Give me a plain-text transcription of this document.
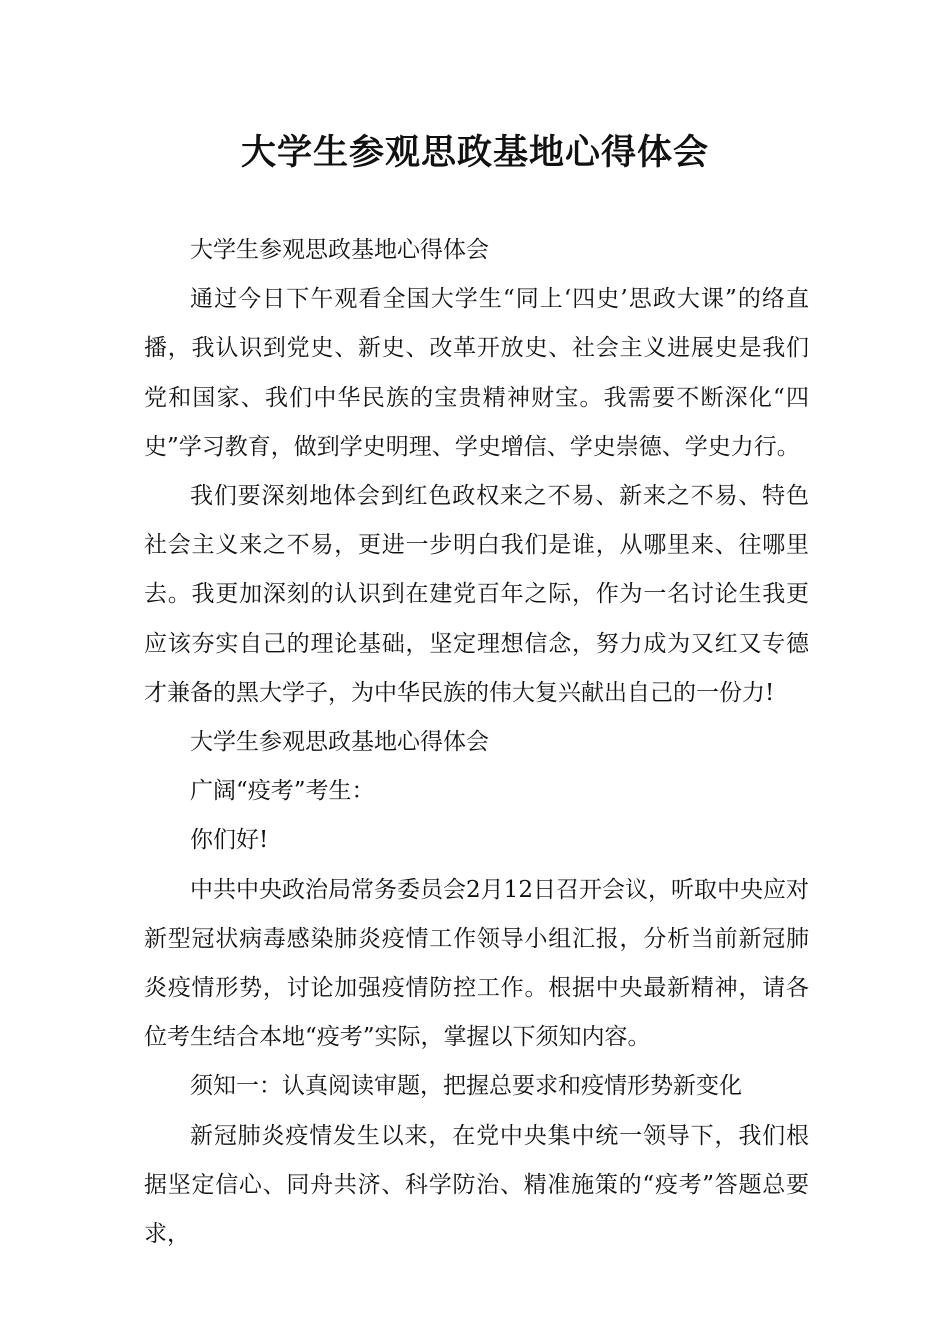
大学生参观思政基地心得体会

大学生参观思政基地心得体会

通过今日下午观看全国大学生“同上‘四史’思政大课”的络直播，我认识到党史、新史、改革开放史、社会主义进展史是我们党和国家、我们中华民族的宝贵精神财宝。我需要不断深化“四史”学习教育，做到学史明理、学史增信、学史崇德、学史力行。

我们要深刻地体会到红色政权来之不易、新来之不易、特色社会主义来之不易，更进一步明白我们是谁，从哪里来、往哪里去。我更加深刻的认识到在建党百年之际，作为一名讨论生我更应该夯实自己的理论基础，坚定理想信念，努力成为又红又专德才兼备的黑大学子，为中华民族的伟大复兴献出自己的一份力!

大学生参观思政基地心得体会

广阔“疫考”考生：

你们好!

中共中央政治局常务委员会2月12日召开会议，听取中央应对新型冠状病毒感染肺炎疫情工作领导小组汇报，分析当前新冠肺炎疫情形势，讨论加强疫情防控工作。根据中央最新精神，请各位考生结合本地“疫考”实际，掌握以下须知内容。

须知一：认真阅读审题，把握总要求和疫情形势新变化

新冠肺炎疫情发生以来，在党中央集中统一领导下，我们根据坚定信心、同舟共济、科学防治、精准施策的“疫考”答题总要求，
